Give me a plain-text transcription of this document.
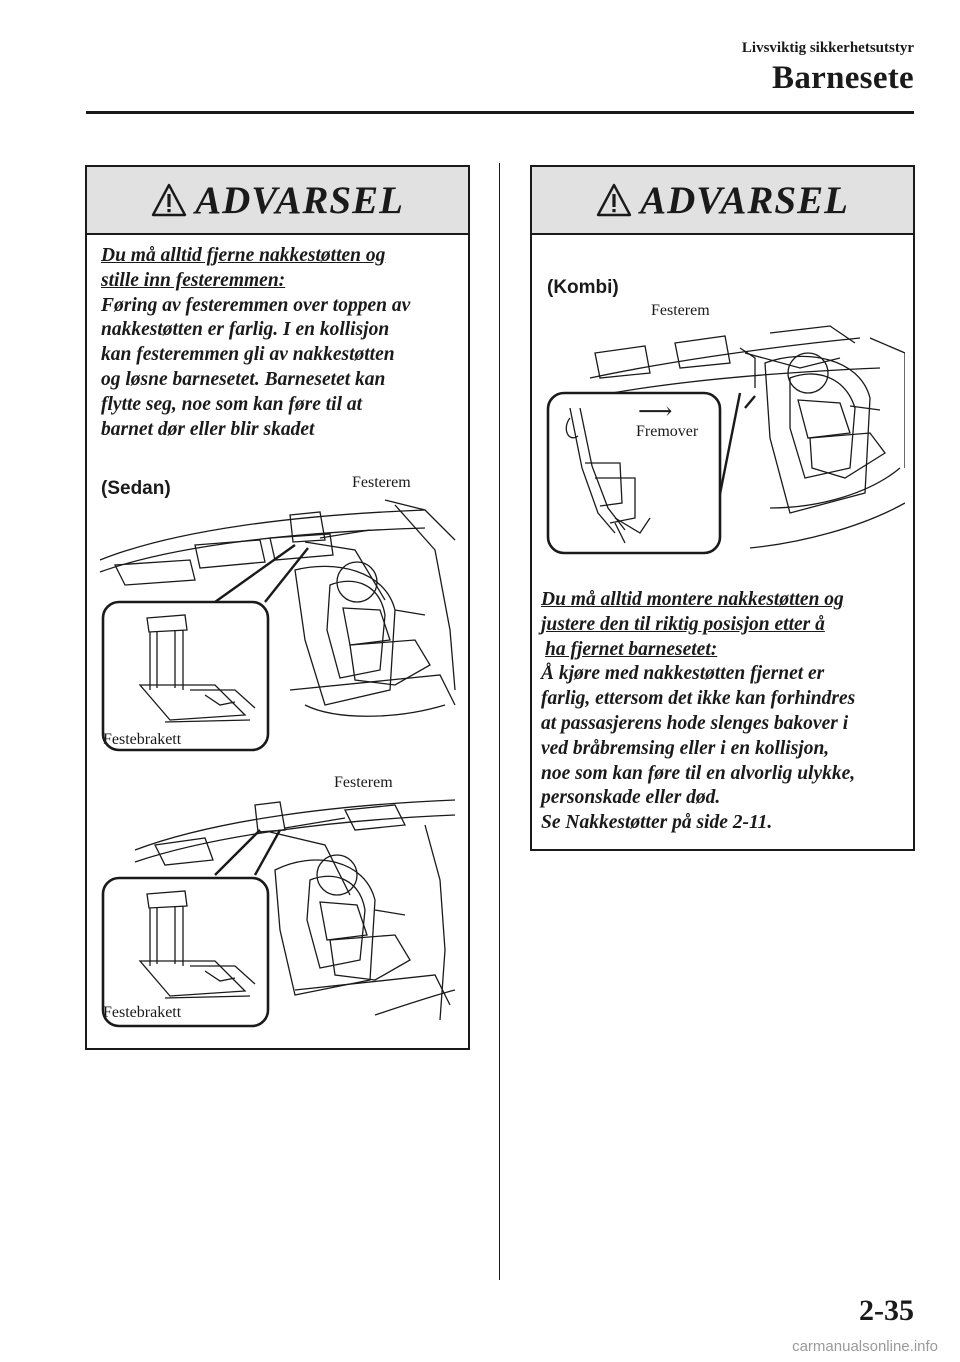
Livsviktig sikkerhetsutstyr
Barnesete
ADVARSEL

Du må alltid fjerne nakkestøtten og

stille inn festeremmen:

Føring av festeremmen over toppen av

nakkestøtten er farlig. I en kollisjon

kan festeremmen gli av nakkestøtten

og løsne barnesetet. Barnesetet kan

flytte seg, noe som kan føre til at

barnet dør eller blir skadet

(Sedan)	Festerem
Festebrakett
Festerem
Festebrakett
ADVARSEL
(Kombi)
Festerem
⟶
Fremover

Du må alltid montere nakkestøtten og

justere den til riktig posisjon etter å

ha fjernet barnesetet:

Å kjøre med nakkestøtten fjernet er

farlig, ettersom det ikke kan forhindres

at passasjerens hode slenges bakover i

ved bråbremsing eller i en kollisjon,

noe som kan føre til en alvorlig ulykke,

personskade eller død.

Se Nakkestøtter på side 2-11.

2-35
carmanualsonline.info
